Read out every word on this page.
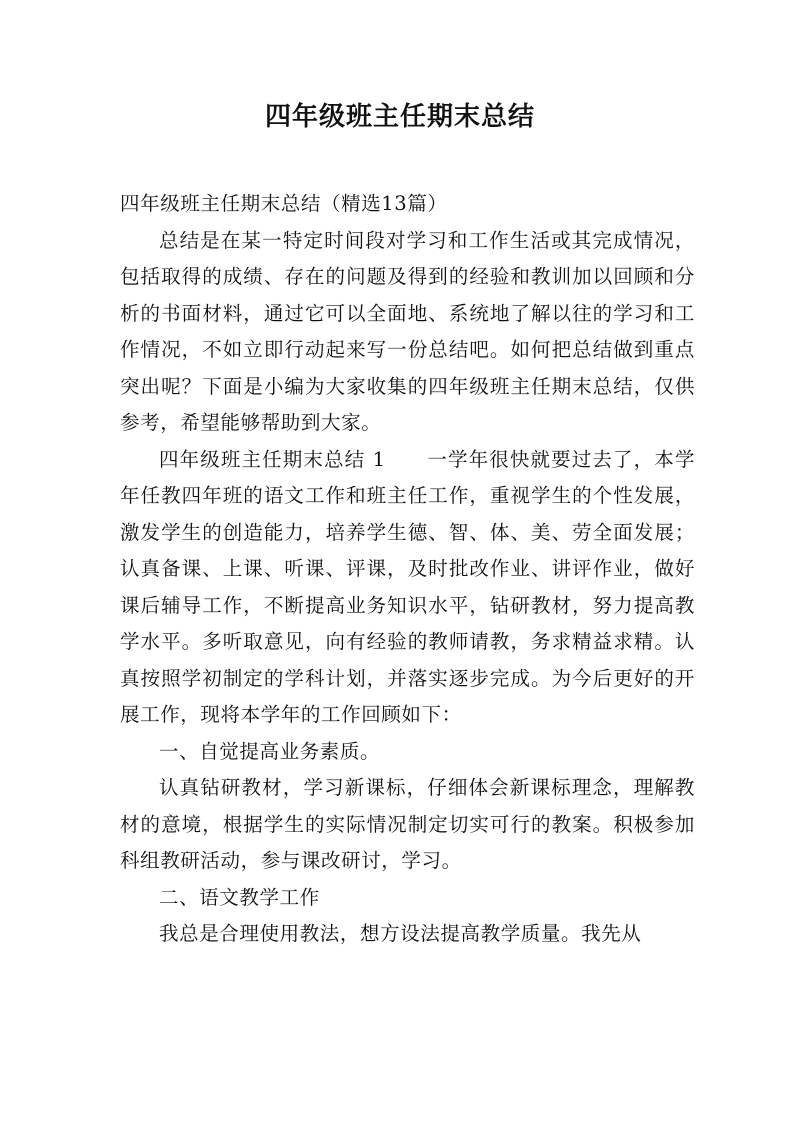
四年级班主任期末总结

四年级班主任期末总结（精选13篇）

总结是在某一特定时间段对学习和工作生活或其完成情况，包括取得的成绩、存在的问题及得到的经验和教训加以回顾和分析的书面材料，通过它可以全面地、系统地了解以往的学习和工作情况，不如立即行动起来写一份总结吧。如何把总结做到重点突出呢？下面是小编为大家收集的四年级班主任期末总结，仅供参考，希望能够帮助到大家。

四年级班主任期末总结 1　　一学年很快就要过去了，本学年任教四年班的语文工作和班主任工作，重视学生的个性发展，激发学生的创造能力，培养学生德、智、体、美、劳全面发展；认真备课、上课、听课、评课，及时批改作业、讲评作业，做好课后辅导工作，不断提高业务知识水平，钻研教材，努力提高教学水平。多听取意见，向有经验的教师请教，务求精益求精。认真按照学初制定的学科计划，并落实逐步完成。为今后更好的开展工作，现将本学年的工作回顾如下：

一、自觉提高业务素质。

认真钻研教材，学习新课标，仔细体会新课标理念，理解教材的意境，根据学生的实际情况制定切实可行的教案。积极参加科组教研活动，参与课改研讨，学习。

二、语文教学工作

我总是合理使用教法，想方设法提高教学质量。我先从
